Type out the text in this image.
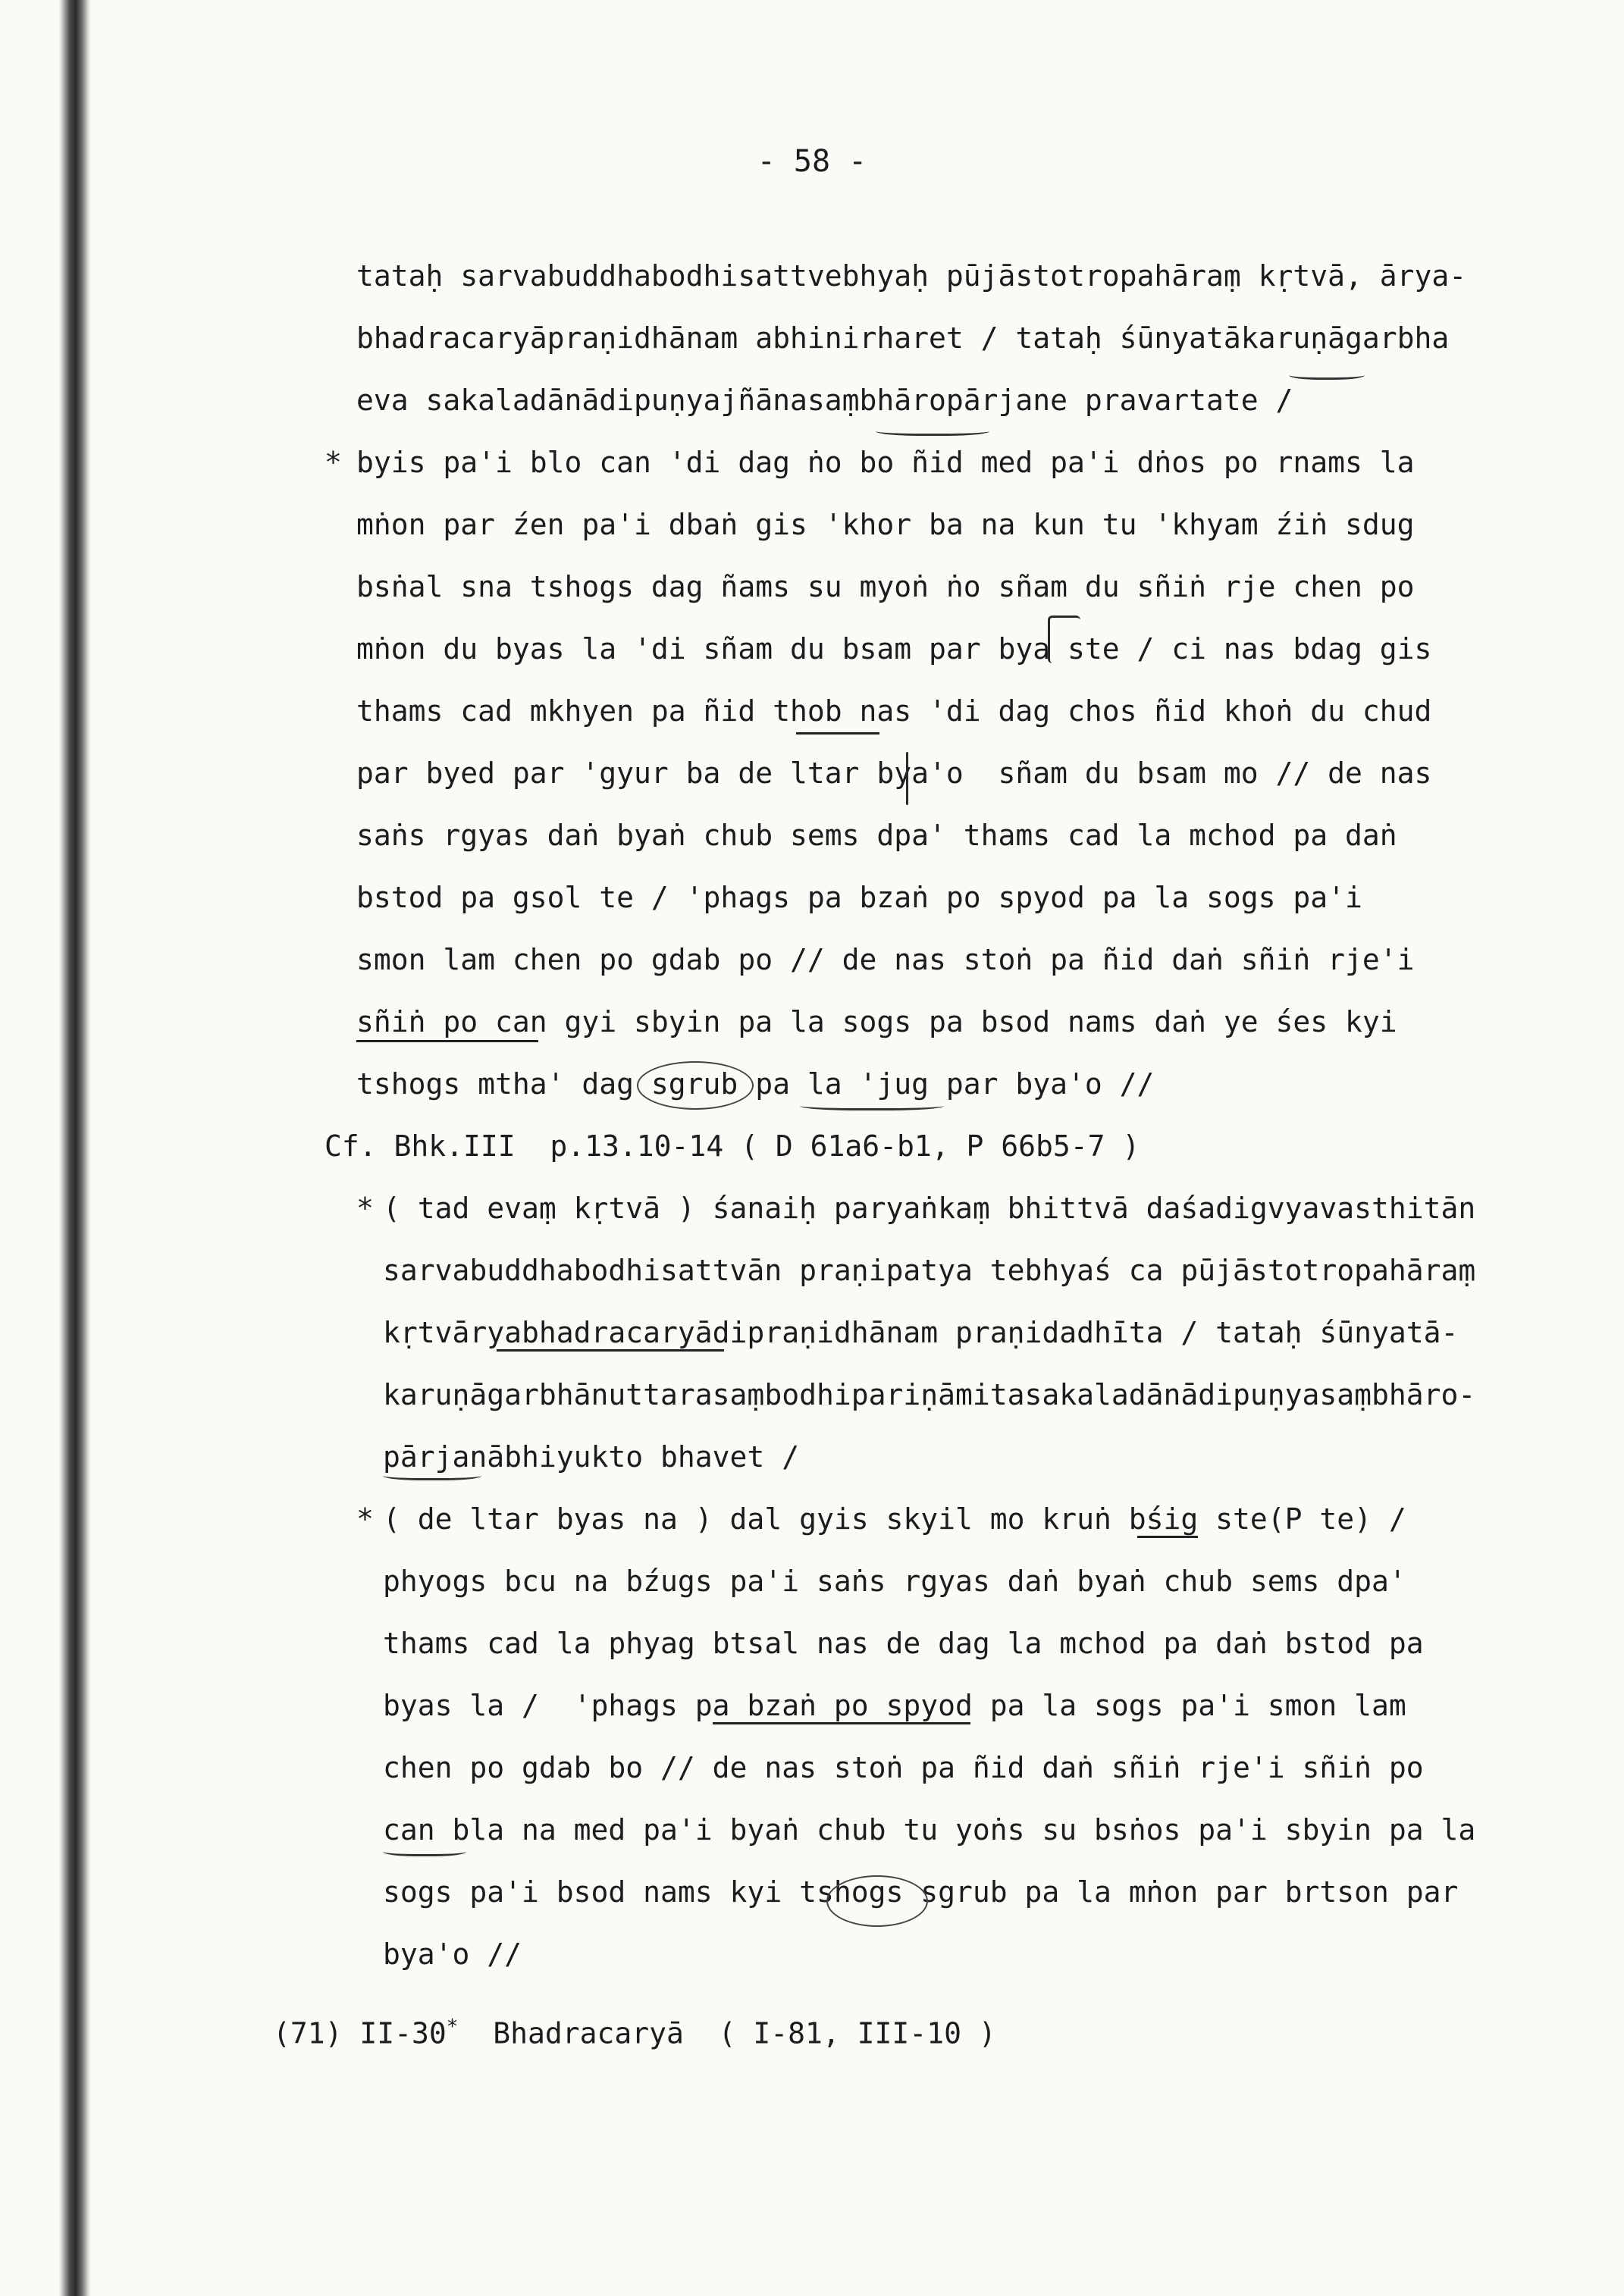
- 58 -
tataḥ sarvabuddhabodhisattvebhyaḥ pūjāstotropahāraṃ kṛtvā, ārya-
bhadracaryāpraṇidhānam abhinirharet / tataḥ śūnyatākaruṇāgarbha
eva sakaladānādipuṇyajñānasaṃbhāropārjane pravartate /
* byis pa'i blo can 'di dag ṅo bo ñid med pa'i dṅos po rnams la
mṅon par źen pa'i dbaṅ gis 'khor ba na kun tu 'khyam źiṅ sdug
bsṅal sna tshogs dag ñams su myoṅ ṅo sñam du sñiṅ rje chen po
mṅon du byas la 'di sñam du bsam par bya ste / ci nas bdag gis
thams cad mkhyen pa ñid thob nas 'di dag chos ñid khoṅ du chud
par byed par 'gyur ba de ltar bya'o  sñam du bsam mo // de nas
saṅs rgyas daṅ byaṅ chub sems dpa' thams cad la mchod pa daṅ
bstod pa gsol te / 'phags pa bzaṅ po spyod pa la sogs pa'i
smon lam chen po gdab po // de nas stoṅ pa ñid daṅ sñiṅ rje'i
sñiṅ po can gyi sbyin pa la sogs pa bsod nams daṅ ye śes kyi
tshogs mtha' dag sgrub pa la 'jug par bya'o //
Cf. Bhk.III  p.13.10-14 ( D 61a6-b1, P 66b5-7 )
* ( tad evaṃ kṛtvā ) śanaiḥ paryaṅkaṃ bhittvā daśadigvyavasthitān
sarvabuddhabodhisattvān praṇipatya tebhyaś ca pūjāstotropahāraṃ
kṛtvāryabhadracaryādipraṇidhānam praṇidadhīta / tataḥ śūnyatā-
karuṇāgarbhānuttarasaṃbodhipariṇāmitasakaladānādipuṇyasaṃbhāro-
pārjanābhiyukto bhavet /
* ( de ltar byas na ) dal gyis skyil mo kruṅ bśig ste(P te) /
phyogs bcu na bźugs pa'i saṅs rgyas daṅ byaṅ chub sems dpa'
thams cad la phyag btsal nas de dag la mchod pa daṅ bstod pa
byas la /  'phags pa bzaṅ po spyod pa la sogs pa'i smon lam
chen po gdab bo // de nas stoṅ pa ñid daṅ sñiṅ rje'i sñiṅ po
can bla na med pa'i byaṅ chub tu yoṅs su bsṅos pa'i sbyin pa la
sogs pa'i bsod nams kyi tshogs sgrub pa la mṅon par brtson par
bya'o //
(71) II-30* Bhadracaryā ( I-81, III-10 )
